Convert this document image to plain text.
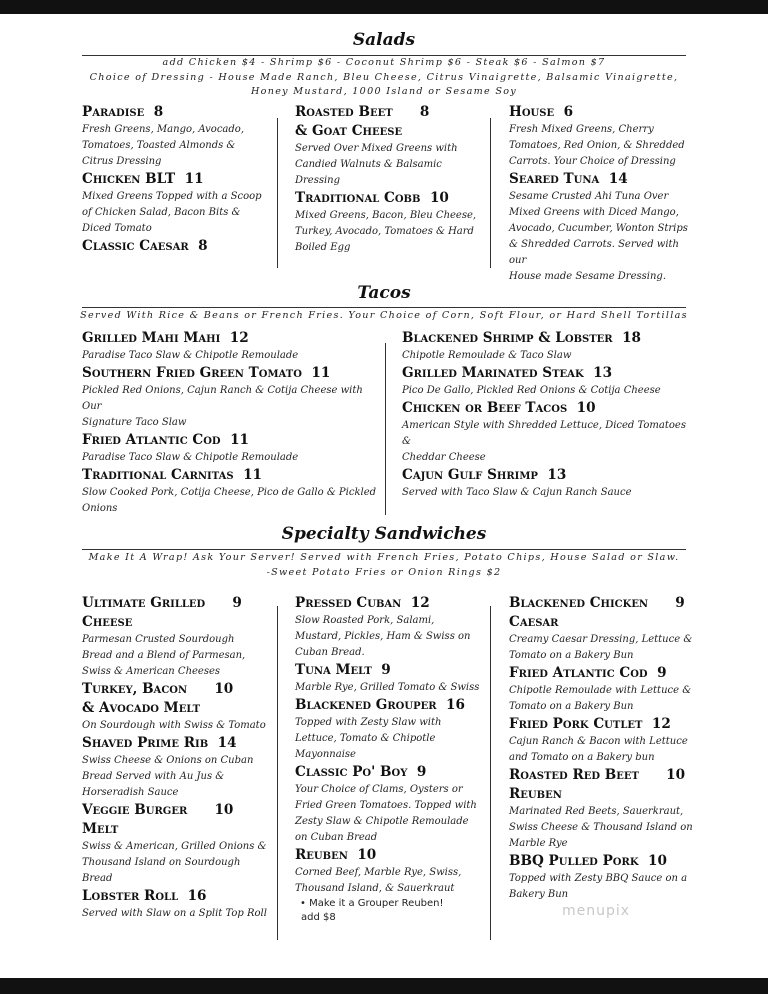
Salads
add Chicken $4 - Shrimp $6 - Coconut Shrimp $6 - Steak $6 - Salmon $7
Choice of Dressing - House Made Ranch, Bleu Cheese, Citrus Vinaigrette, Balsamic Vinaigrette,
Honey Mustard, 1000 Island or Sesame Soy
Paradise 8
Fresh Greens, Mango, Avocado,
Tomatoes, Toasted Almonds &
Citrus Dressing
Chicken BLT 11
Mixed Greens Topped with a Scoop
of Chicken Salad, Bacon Bits &
Diced Tomato
Classic Caesar 8
Roasted Beet   8
& Goat Cheese
Served Over Mixed Greens with
Candied Walnuts & Balsamic
Dressing
Traditional Cobb 10
Mixed Greens, Bacon, Bleu Cheese,
Turkey, Avocado, Tomatoes & Hard
Boiled Egg
House 6
Fresh Mixed Greens, Cherry
Tomatoes, Red Onion, & Shredded
Carrots. Your Choice of Dressing
Seared Tuna 14
Sesame Crusted Ahi Tuna Over
Mixed Greens with Diced Mango,
Avocado, Cucumber, Wonton Strips
& Shredded Carrots. Served with our
House made Sesame Dressing.
Tacos
Served With Rice & Beans or French Fries. Your Choice of Corn, Soft Flour, or Hard Shell Tortillas
Grilled Mahi Mahi 12
Paradise Taco Slaw & Chipotle Remoulade
Southern Fried Green Tomato 11
Pickled Red Onions, Cajun Ranch & Cotija Cheese with Our
Signature Taco Slaw
Fried Atlantic Cod 11
Paradise Taco Slaw & Chipotle Remoulade
Traditional Carnitas 11
Slow Cooked Pork, Cotija Cheese, Pico de Gallo & Pickled
Onions
Blackened Shrimp & Lobster 18
Chipotle Remoulade & Taco Slaw
Grilled Marinated Steak 13
Pico De Gallo, Pickled Red Onions & Cotija Cheese
Chicken or Beef Tacos 10
American Style with Shredded Lettuce, Diced Tomatoes &
Cheddar Cheese
Cajun Gulf Shrimp 13
Served with Taco Slaw & Cajun Ranch Sauce
Specialty Sandwiches
Make It A Wrap! Ask Your Server! Served with French Fries, Potato Chips, House Salad or Slaw.
-Sweet Potato Fries or Onion Rings $2
Ultimate Grilled   9
Cheese
Parmesan Crusted Sourdough
Bread and a Blend of Parmesan,
Swiss & American Cheeses
Turkey, Bacon   10
& Avocado Melt
On Sourdough with Swiss & Tomato
Shaved Prime Rib 14
Swiss Cheese & Onions on Cuban
Bread Served with Au Jus &
Horseradish Sauce
Veggie Burger   10
Melt
Swiss & American, Grilled Onions &
Thousand Island on Sourdough
Bread
Lobster Roll 16
Served with Slaw on a Split Top Roll
Pressed Cuban 12
Slow Roasted Pork, Salami,
Mustard, Pickles, Ham & Swiss on
Cuban Bread.
Tuna Melt 9
Marble Rye, Grilled Tomato & Swiss
Blackened Grouper 16
Topped with Zesty Slaw with
Lettuce, Tomato & Chipotle
Mayonnaise
Classic Po' Boy 9
Your Choice of Clams, Oysters or
Fried Green Tomatoes. Topped with
Zesty Slaw & Chipotle Remoulade
on Cuban Bread
Reuben 10
Corned Beef, Marble Rye, Swiss,
Thousand Island, & Sauerkraut
• Make it a Grouper Reuben!
add $8
Blackened Chicken   9
Caesar
Creamy Caesar Dressing, Lettuce &
Tomato on a Bakery Bun
Fried Atlantic Cod 9
Chipotle Remoulade with Lettuce &
Tomato on a Bakery Bun
Fried Pork Cutlet 12
Cajun Ranch & Bacon with Lettuce
and Tomato on a Bakery bun
Roasted Red Beet   10
Reuben
Marinated Red Beets, Sauerkraut,
Swiss Cheese & Thousand Island on
Marble Rye
BBQ Pulled Pork 10
Topped with Zesty BBQ Sauce on a
Bakery Bun
menupix
